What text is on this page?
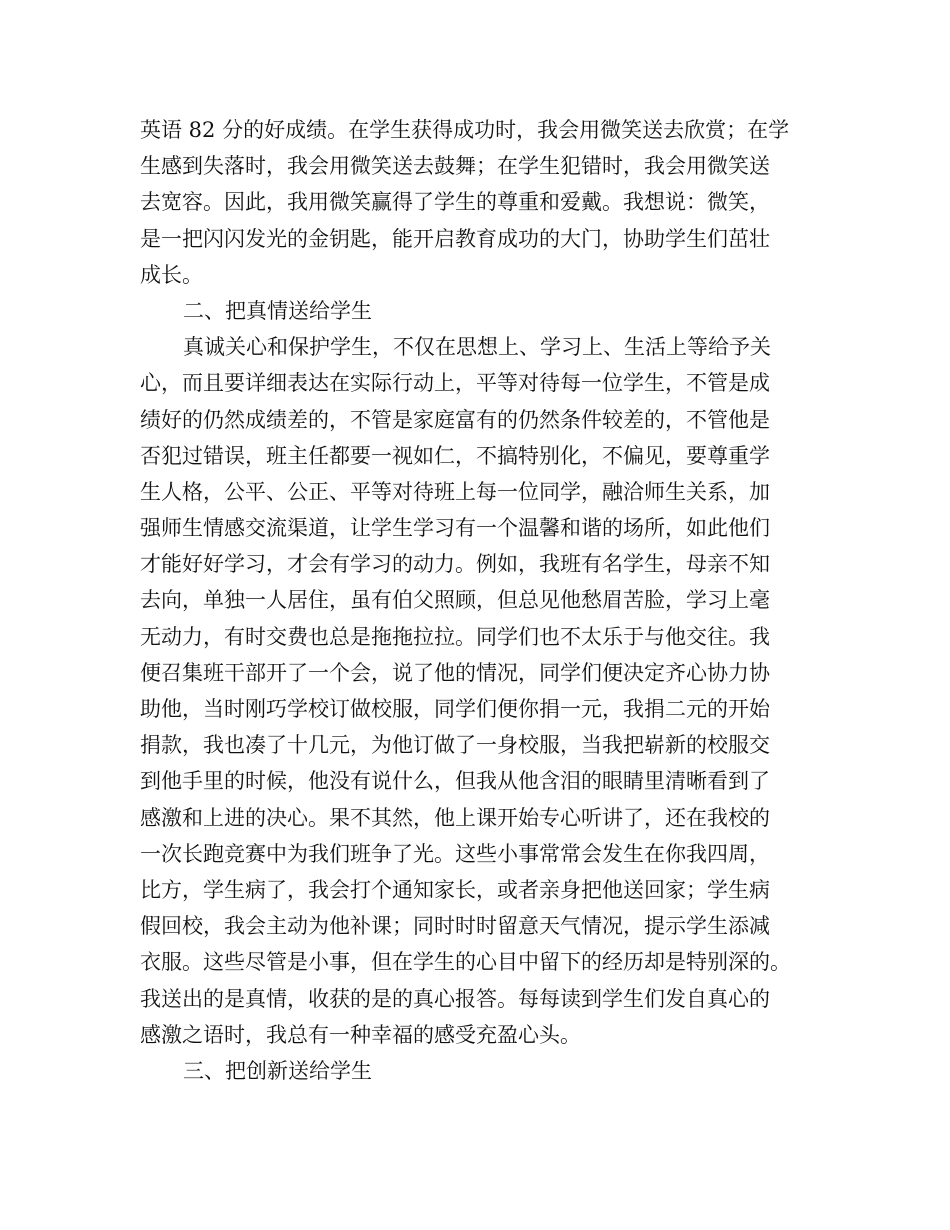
英语 82 分的好成绩。在学生获得成功时，我会用微笑送去欣赏；在学
生感到失落时，我会用微笑送去鼓舞；在学生犯错时，我会用微笑送
去宽容。因此，我用微笑赢得了学生的尊重和爱戴。我想说：微笑，
是一把闪闪发光的金钥匙，能开启教育成功的大门，协助学生们茁壮
成长。
二、把真情送给学生
真诚关心和保护学生，不仅在思想上、学习上、生活上等给予关
心，而且要详细表达在实际行动上，平等对待每一位学生，不管是成
绩好的仍然成绩差的，不管是家庭富有的仍然条件较差的，不管他是
否犯过错误，班主任都要一视如仁，不搞特别化，不偏见，要尊重学
生人格，公平、公正、平等对待班上每一位同学，融洽师生关系，加
强师生情感交流渠道，让学生学习有一个温馨和谐的场所，如此他们
才能好好学习，才会有学习的动力。例如，我班有名学生，母亲不知
去向，单独一人居住，虽有伯父照顾，但总见他愁眉苦脸，学习上毫
无动力，有时交费也总是拖拖拉拉。同学们也不太乐于与他交往。我
便召集班干部开了一个会，说了他的情况，同学们便决定齐心协力协
助他，当时刚巧学校订做校服，同学们便你捐一元，我捐二元的开始
捐款，我也凑了十几元，为他订做了一身校服，当我把崭新的校服交
到他手里的时候，他没有说什么，但我从他含泪的眼睛里清晰看到了
感激和上进的决心。果不其然，他上课开始专心听讲了，还在我校的
一次长跑竞赛中为我们班争了光。这些小事常常会发生在你我四周，
比方，学生病了，我会打个通知家长，或者亲身把他送回家；学生病
假回校，我会主动为他补课；同时时时留意天气情况，提示学生添减
衣服。这些尽管是小事，但在学生的心目中留下的经历却是特别深的。
我送出的是真情，收获的是的真心报答。每每读到学生们发自真心的
感激之语时，我总有一种幸福的感受充盈心头。
三、把创新送给学生
